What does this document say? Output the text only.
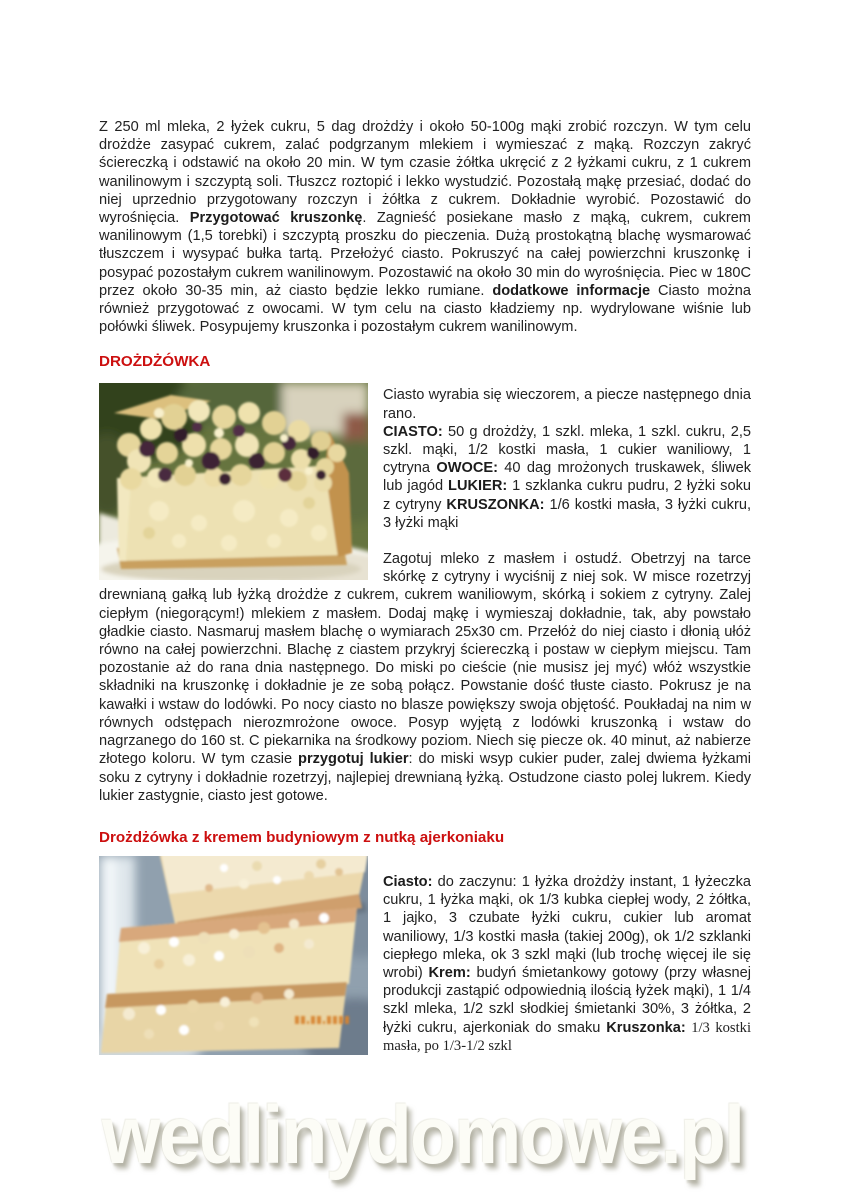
Z 250 ml mleka, 2 łyżek cukru, 5 dag drożdży i około 50-100g mąki zrobić rozczyn. W tym celu drożdże zasypać cukrem, zalać podgrzanym mlekiem i wymieszać z mąką. Rozczyn zakryć ściereczką i odstawić na około 20 min. W tym czasie żółtka ukręcić z 2 łyżkami cukru, z 1 cukrem wanilinowym i szczyptą soli. Tłuszcz roztopić i lekko wystudzić. Pozostałą mąkę przesiać, dodać do niej uprzednio przygotowany rozczyn i żółtka z cukrem. Dokładnie wyrobić. Pozostawić do wyrośnięcia. Przygotować kruszonkę. Zagnieść posiekane masło z mąką, cukrem, cukrem wanilinowym (1,5 torebki) i szczyptą proszku do pieczenia. Dużą prostokątną blachę wysmarować tłuszczem i wysypać bułka tartą. Przełożyć ciasto. Pokruszyć na całej powierzchni kruszonkę i posypać pozostałym cukrem wanilinowym. Pozostawić na około 30 min do wyrośnięcia. Piec w 180C przez około 30-35 min, aż ciasto będzie lekko rumiane. dodatkowe informacje Ciasto można również przygotować z owocami. W tym celu na ciasto kładziemy np. wydrylowane wiśnie lub połówki śliwek. Posypujemy kruszonka i pozostałym cukrem wanilinowym.

DROŻDŻÓWKA

Ciasto wyrabia się wieczorem, a piecze następnego dnia rano.

CIASTO: 50 g drożdży, 1 szkl. mleka, 1 szkl. cukru, 2,5 szkl. mąki, 1/2 kostki masła, 1 cukier waniliowy, 1 cytryna OWOCE: 40 dag mrożonych truskawek, śliwek lub jagód LUKIER: 1 szklanka cukru pudru, 2 łyżki soku z cytryny KRUSZONKA: 1/6 kostki masła, 3 łyżki cukru, 3 łyżki mąki

Zagotuj mleko z masłem i ostudź. Obetrzyj na tarce skórkę z cytryny i wyciśnij z niej sok. W misce rozetrzyj drewnianą gałką lub łyżką drożdże z cukrem, cukrem waniliowym, skórką i sokiem z cytryny. Zalej ciepłym (niegorącym!) mlekiem z masłem. Dodaj mąkę i wymieszaj dokładnie, tak, aby powstało gładkie ciasto. Nasmaruj masłem blachę o wymiarach 25x30 cm. Przełóż do niej ciasto i dłonią ułóż równo na całej powierzchni. Blachę z ciastem przykryj ściereczką i postaw w ciepłym miejscu. Tam pozostanie aż do rana dnia następnego. Do miski po cieście (nie musisz jej myć) włóż wszystkie składniki na kruszonkę i dokładnie je ze sobą połącz. Powstanie dość tłuste ciasto. Pokrusz je na kawałki i wstaw do lodówki. Po nocy ciasto no blasze powiększy swoja objętość. Poukładaj na nim w równych odstępach nierozmrożone owoce. Posyp wyjętą z lodówki kruszonką i wstaw do nagrzanego do 160 st. C piekarnika na środkowy poziom. Niech się piecze ok. 40 minut, aż nabierze złotego koloru. W tym czasie przygotuj lukier: do miski wsyp cukier puder, zalej dwiema łyżkami soku z cytryny i dokładnie rozetrzyj, najlepiej drewnianą łyżką. Ostudzone ciasto polej lukrem. Kiedy lukier zastygnie, ciasto jest gotowe.

Drożdżówka z kremem budyniowym z nutką ajerkoniaku

Ciasto: do zaczynu: 1 łyżka drożdży instant, 1 łyżeczka cukru, 1 łyżka mąki, ok 1/3 kubka ciepłej wody, 2 żółtka, 1 jajko, 3 czubate łyżki cukru, cukier lub aromat waniliowy, 1/3 kostki masła (takiej 200g), ok 1/2 szklanki ciepłego mleka, ok 3 szkl mąki (lub trochę więcej ile się wrobi) Krem: budyń śmietankowy gotowy (przy własnej produkcji zastąpić odpowiednią ilością łyżek mąki), 1 1/4 szkl mleka, 1/2 szkl słodkiej śmietanki 30%, 3 żółtka, 2 łyżki cukru, ajerkoniak do smaku Kruszonka: 1/3 kostki masła, po 1/3-1/2 szkl

wedlinydomowe.pl
